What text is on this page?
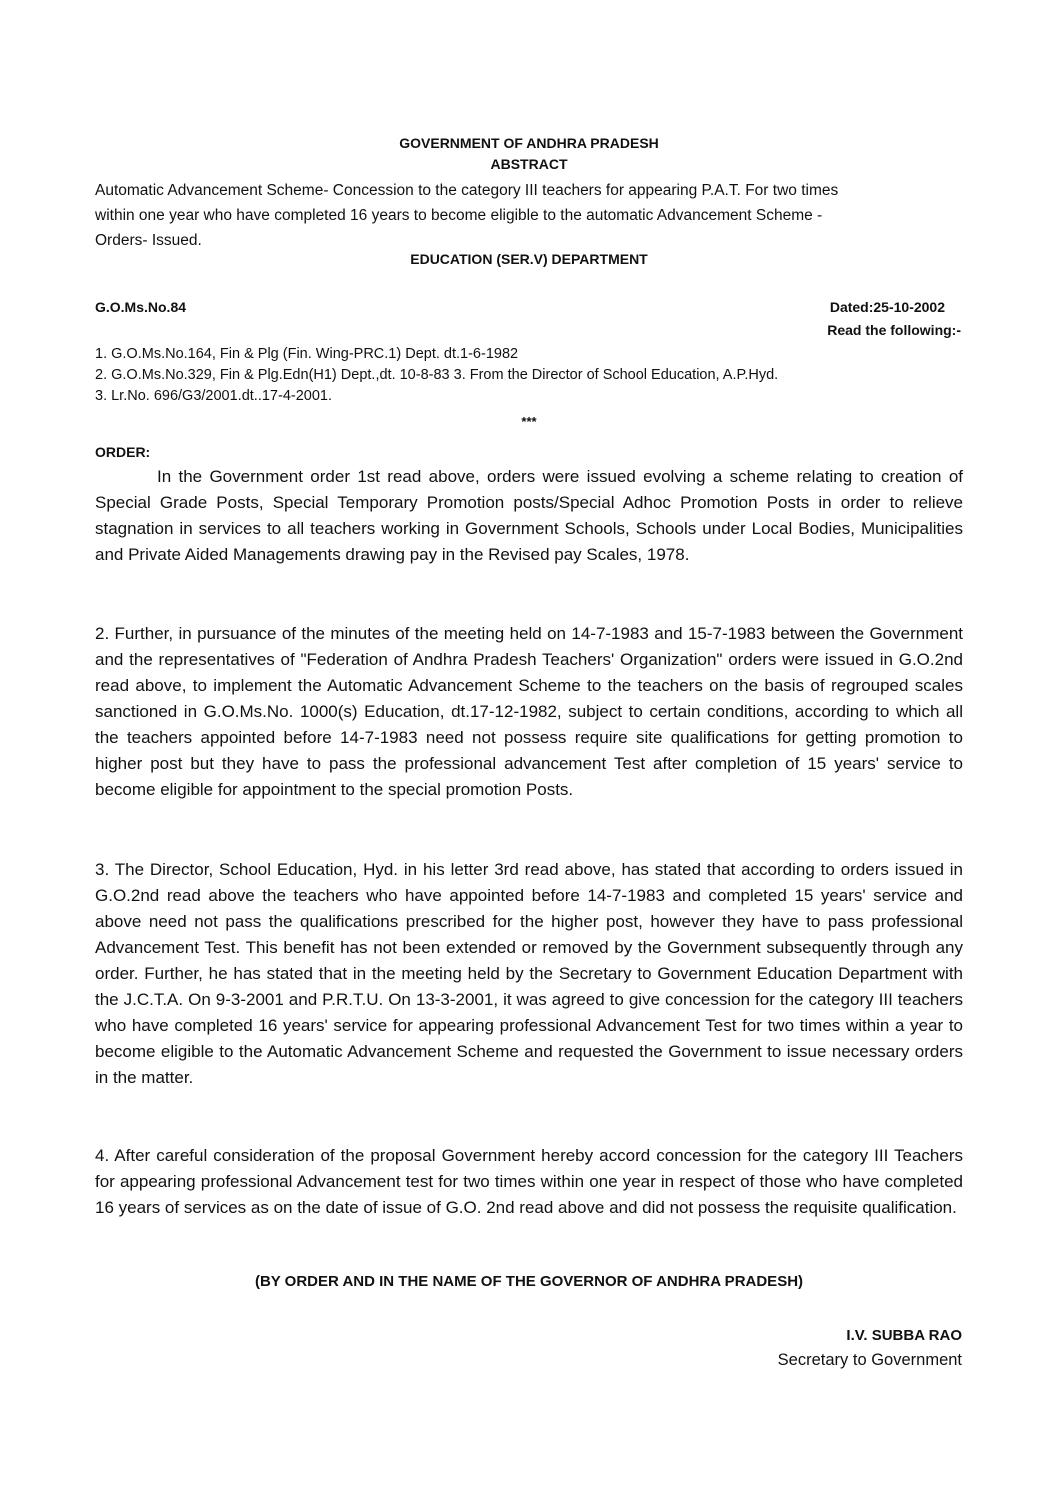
GOVERNMENT OF ANDHRA PRADESH
ABSTRACT
Automatic Advancement Scheme- Concession to the category III teachers for appearing P.A.T. For two times
within one year who have completed 16 years to become eligible to the automatic Advancement Scheme -
Orders- Issued.
EDUCATION (SER.V) DEPARTMENT
G.O.Ms.No.84	Dated:25-10-2002
Read the following:-
1. G.O.Ms.No.164, Fin & Plg (Fin. Wing-PRC.1) Dept. dt.1-6-1982
2. G.O.Ms.No.329, Fin & Plg.Edn(H1) Dept.,dt. 10-8-83 3. From the Director of School Education, A.P.Hyd.
3. Lr.No. 696/G3/2001.dt..17-4-2001.
***
ORDER:
In the Government order 1st read above, orders were issued evolving a scheme relating to creation of Special Grade Posts, Special Temporary Promotion posts/Special Adhoc Promotion Posts in order to relieve stagnation in services to all teachers working in Government Schools, Schools under Local Bodies, Municipalities and Private Aided Managements drawing pay in the Revised pay Scales, 1978.
2. Further, in pursuance of the minutes of the meeting held on 14-7-1983 and 15-7-1983 between the Government and the representatives of "Federation of Andhra Pradesh Teachers' Organization" orders were issued in G.O.2nd read above, to implement the Automatic Advancement Scheme to the teachers on the basis of regrouped scales sanctioned in G.O.Ms.No. 1000(s) Education, dt.17-12-1982, subject to certain conditions, according to which all the teachers appointed before 14-7-1983 need not possess require site qualifications for getting promotion to higher post but they have to pass the professional advancement Test after completion of 15 years' service to become eligible for appointment to the special promotion Posts.
3. The Director, School Education, Hyd. in his letter 3rd read above, has stated that according to orders issued in G.O.2nd read above the teachers who have appointed before 14-7-1983 and completed 15 years' service and above need not pass the qualifications prescribed for the higher post, however they have to pass professional Advancement Test. This benefit has not been extended or removed by the Government subsequently through any order. Further, he has stated that in the meeting held by the Secretary to Government Education Department with the J.C.T.A. On 9-3-2001 and P.R.T.U. On 13-3-2001, it was agreed to give concession for the category III teachers who have completed 16 years' service for appearing professional Advancement Test for two times within a year to become eligible to the Automatic Advancement Scheme and requested the Government to issue necessary orders in the matter.
4. After careful consideration of the proposal Government hereby accord concession for the category III Teachers for appearing professional Advancement test for two times within one year in respect of those who have completed 16 years of services as on the date of issue of G.O. 2nd read above and did not possess the requisite qualification.
(BY ORDER AND IN THE NAME OF THE GOVERNOR OF ANDHRA PRADESH)
I.V. SUBBA RAO
Secretary to Government
